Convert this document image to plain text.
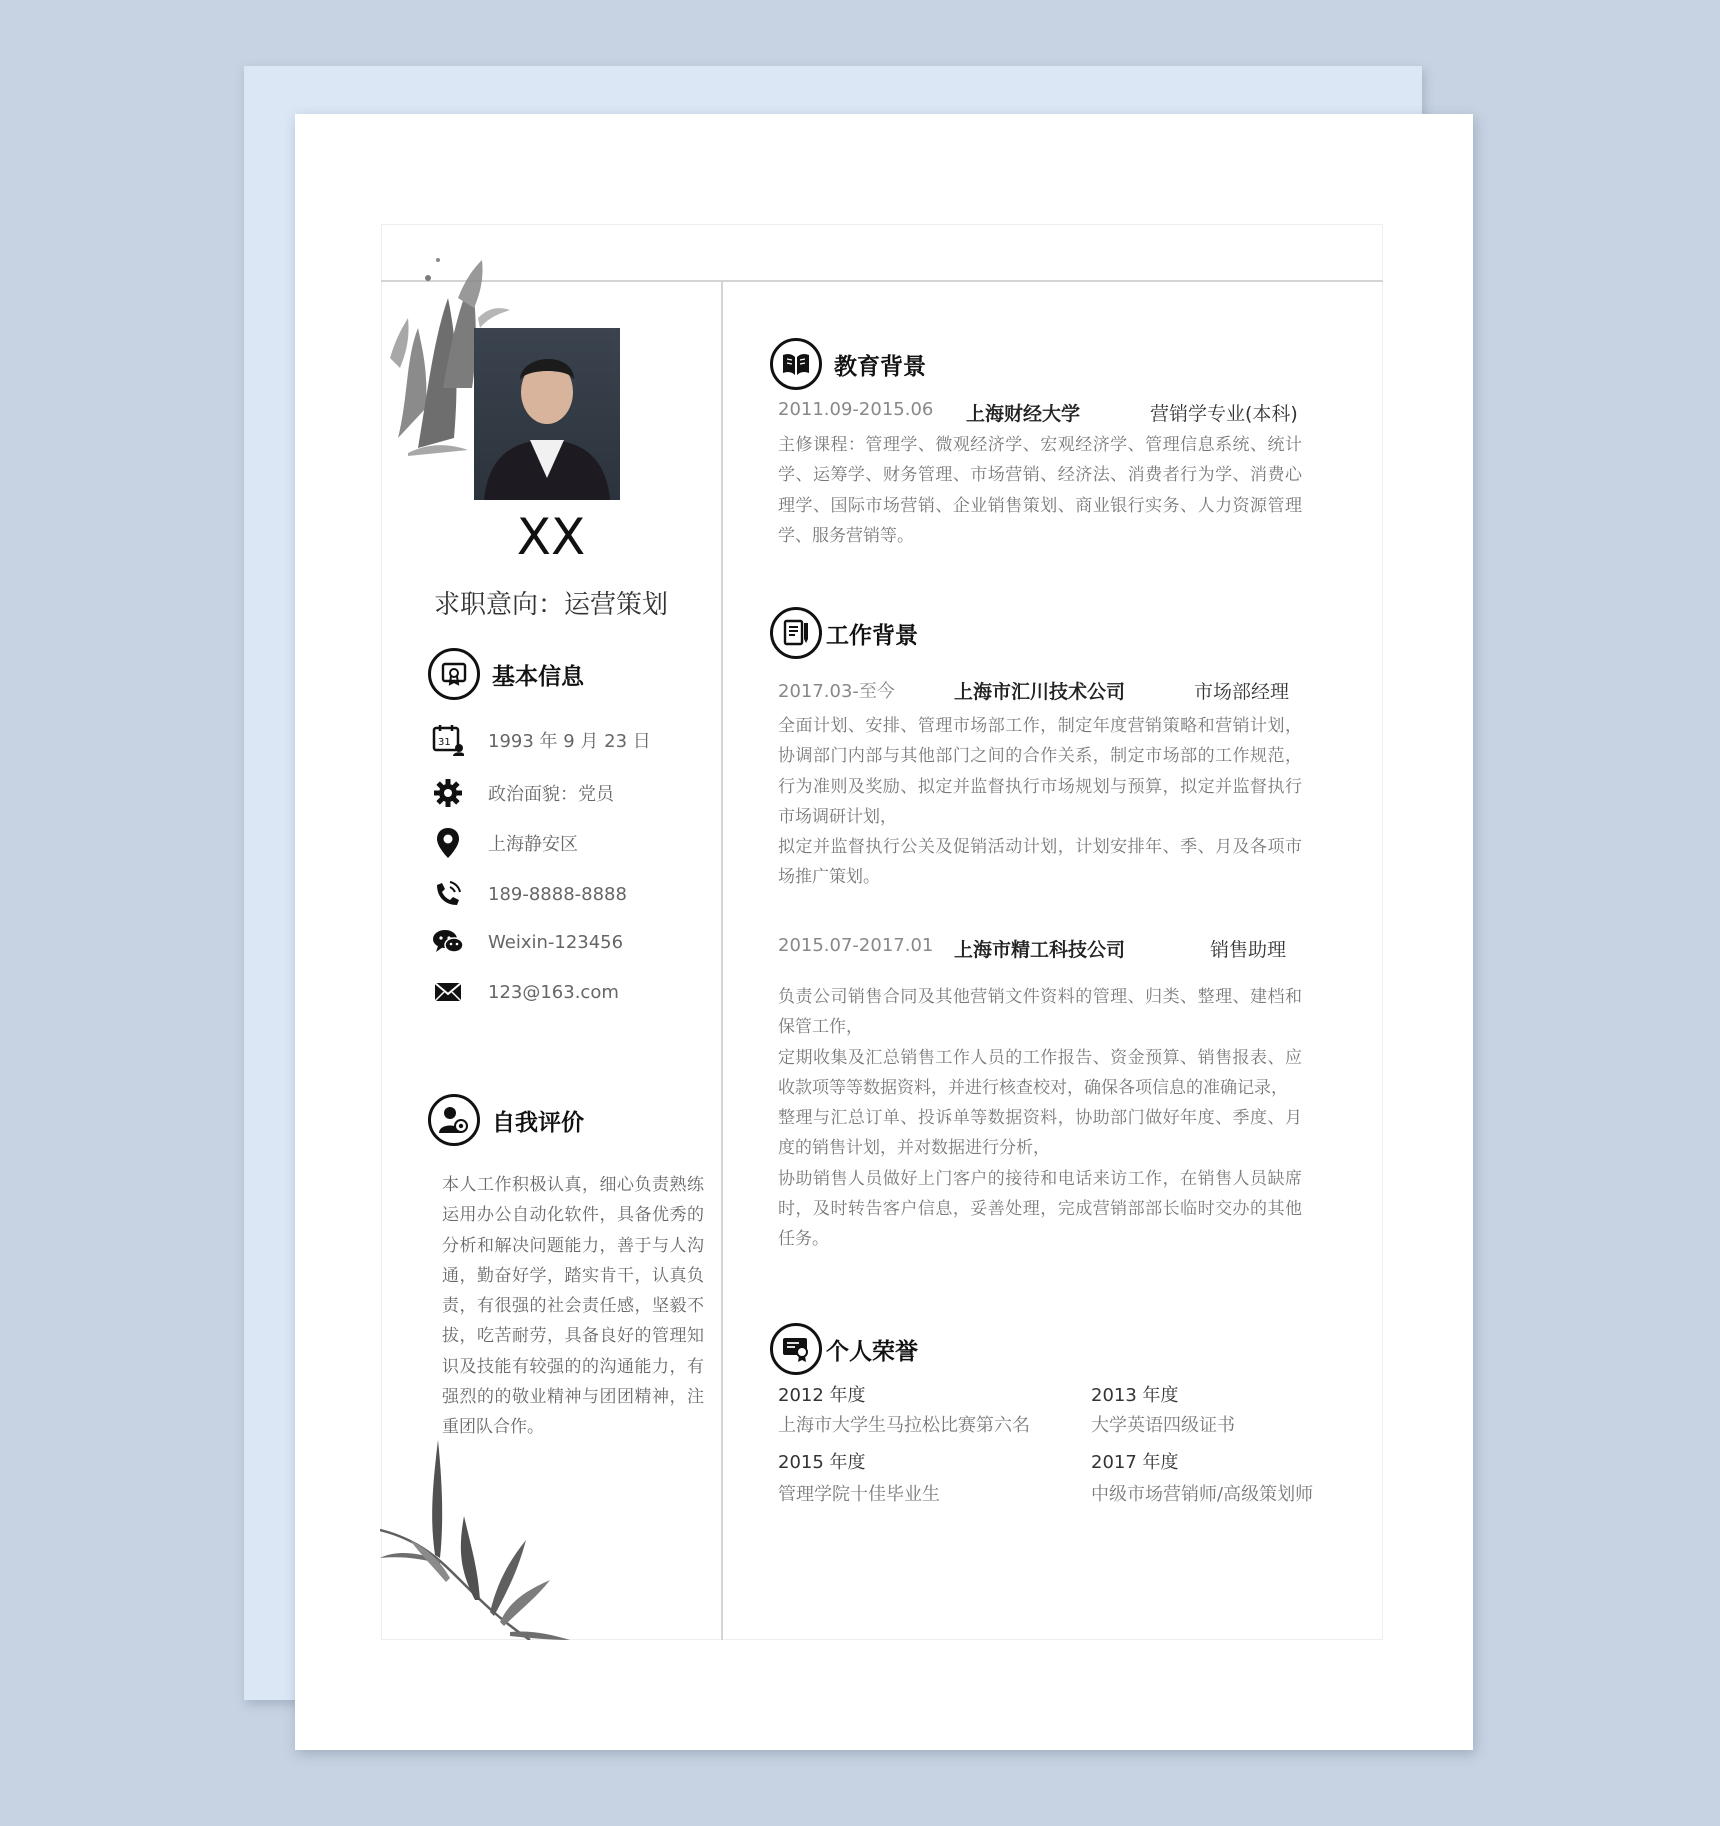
XX
求职意向：运营策划
基本信息
31 1993 年 9 月 23 日
政治面貌：党员
上海静安区
189-8888-8888
Weixin-123456
123@163.com
自我评价
本人工作积极认真，细心负责熟练运用办公自动化软件，具备优秀的分析和解决问题能力，善于与人沟通，勤奋好学，踏实肯干，认真负责，有很强的社会责任感，坚毅不拔，吃苦耐劳，具备良好的管理知识及技能有较强的的沟通能力，有强烈的的敬业精神与团团精神，注重团队合作。
教育背景
2011.09-2015.06 上海财经大学	营销学专业(本科)
主修课程：管理学、微观经济学、宏观经济学、管理信息系统、统计学、运筹学、财务管理、市场营销、经济法、消费者行为学、消费心理学、国际市场营销、企业销售策划、商业银行实务、人力资源管理学、服务营销等。
工作背景
2017.03-至今	上海市汇川技术公司	市场部经理
全面计划、安排、管理市场部工作，制定年度营销策略和营销计划，协调部门内部与其他部门之间的合作关系，制定市场部的工作规范，行为准则及奖励、拟定并监督执行市场规划与预算，拟定并监督执行市场调研计划，
拟定并监督执行公关及促销活动计划，计划安排年、季、月及各项市场推广策划。
2015.07-2017.01 上海市精工科技公司	销售助理
负责公司销售合同及其他营销文件资料的管理、归类、整理、建档和保管工作，
定期收集及汇总销售工作人员的工作报告、资金预算、销售报表、应收款项等等数据资料，并进行核查校对，确保各项信息的准确记录，
整理与汇总订单、投诉单等数据资料，协助部门做好年度、季度、月度的销售计划，并对数据进行分析，
协助销售人员做好上门客户的接待和电话来访工作，在销售人员缺席时，及时转告客户信息，妥善处理，完成营销部部长临时交办的其他任务。
个人荣誉
2012 年度
上海市大学生马拉松比赛第六名
2013 年度
大学英语四级证书
2015 年度
管理学院十佳毕业生
2017 年度
中级市场营销师/高级策划师
